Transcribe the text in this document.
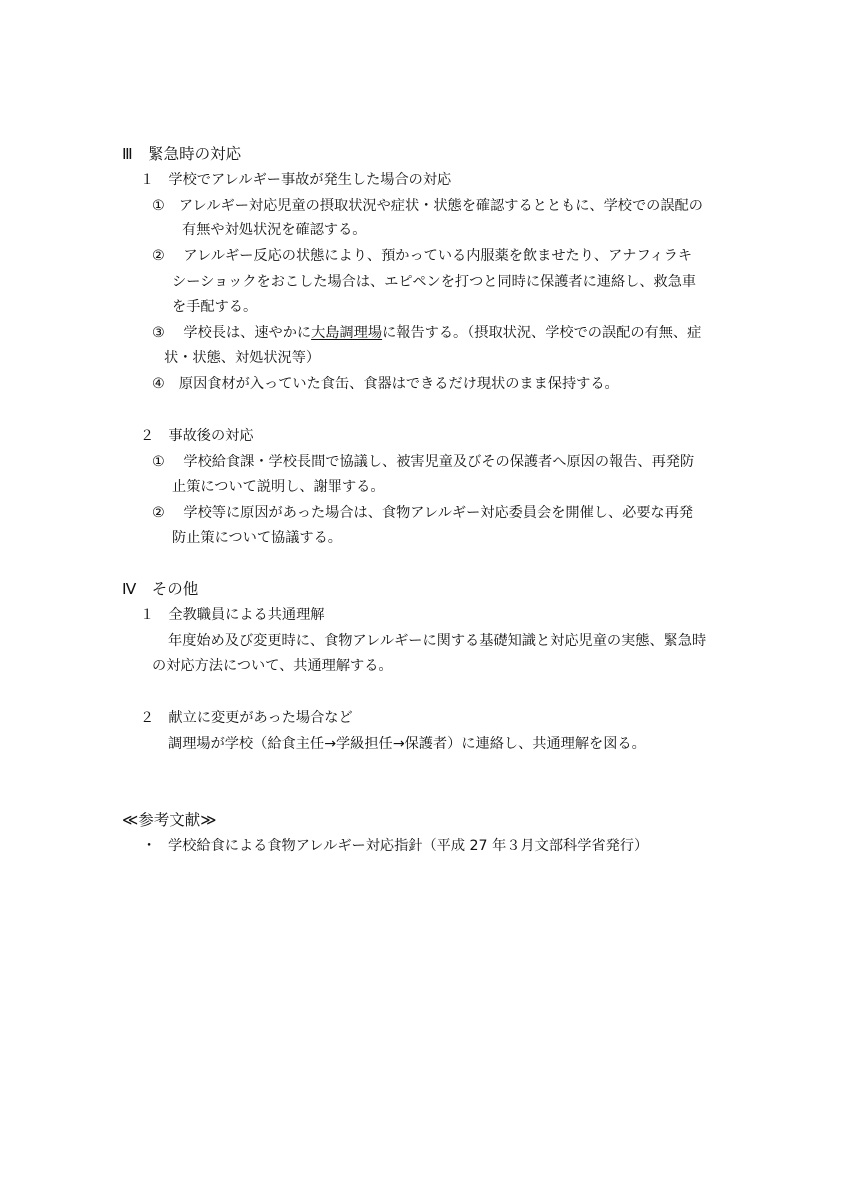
Ⅲ　緊急時の対応
１　学校でアレルギー事故が発生した場合の対応
①　アレルギー対応児童の摂取状況や症状・状態を確認するとともに、学校での誤配の
有無や対処状況を確認する。
②　 アレルギー反応の状態により、預かっている内服薬を飲ませたり、アナフィラキ
シーショックをおこした場合は、エピペンを打つと同時に保護者に連絡し、救急車
を手配する。
③　 学校長は、速やかに大島調理場に報告する。（摂取状況、学校での誤配の有無、症
状・状態、対処状況等）
④　原因食材が入っていた食缶、食器はできるだけ現状のまま保持する。
２　事故後の対応
①　 学校給食課・学校長間で協議し、被害児童及びその保護者へ原因の報告、再発防
止策について説明し、謝罪する。
②　 学校等に原因があった場合は、食物アレルギー対応委員会を開催し、必要な再発
防止策について協議する。
Ⅳ　その他
１　全教職員による共通理解
年度始め及び変更時に、食物アレルギーに関する基礎知識と対応児童の実態、緊急時
の対応方法について、共通理解する。
２　献立に変更があった場合など
調理場が学校（給食主任→学級担任→保護者）に連絡し、共通理解を図る。
≪参考文献≫
・ 学校給食による食物アレルギー対応指針（平成 27 年３月文部科学省発行）
